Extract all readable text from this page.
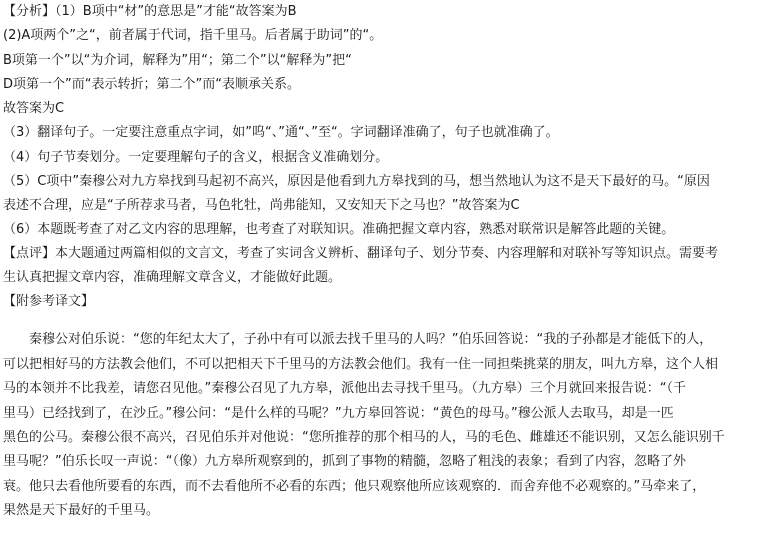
【分析】（1）B项中“材”的意思是”才能“故答案为B
(2)A项两个”之“，前者属于代词，指千里马。后者属于助词”的“。
B项第一个”以“为介词，解释为”用“；第二个”以“解释为”把“
D项第一个”而“表示转折；第二个”而“表顺承关系。
故答案为C
（3）翻译句子。一定要注意重点字词，如”呜“、”通“、”至“。字词翻译准确了，句子也就准确了。
（4）句子节奏划分。一定要理解句子的含义，根据含义准确划分。
（5）C项中”秦穆公对九方皋找到马起初不高兴，原因是他看到九方皋找到的马，想当然地认为这不是天下最好的马。“原因
表述不合理，应是“子所荐求马者，马色牝牡，尚弗能知，又安知天下之马也？”故答案为C
（6）本题既考查了对乙文内容的思理解，也考查了对联知识。准确把握文章内容，熟悉对联常识是解答此题的关键。
【点评】本大题通过两篇相似的文言文，考查了实词含义辨析、翻译句子、划分节奏、内容理解和对联补写等知识点。需要考
生认真把握文章内容，准确理解文章含义，才能做好此题。
【附参考译文】
　　秦穆公对伯乐说：“您的年纪太大了，子孙中有可以派去找千里马的人吗？”伯乐回答说：“我的子孙都是才能低下的人，
可以把相好马的方法教会他们，不可以把相天下千里马的方法教会他们。我有一住一同担柴挑菜的朋友，叫九方皋，这个人相
马的本领并不比我差，请您召见他。”秦穆公召见了九方皋，派他出去寻找千里马。（九方皋）三个月就回来报告说：“（千
里马）已经找到了，在沙丘。”穆公问：“是什么样的马呢？”九方皋回答说：“黄色的母马。”穆公派人去取马，却是一匹
黑色的公马。秦穆公很不高兴，召见伯乐并对他说：“您所推荐的那个相马的人，马的毛色、雌雄还不能识别，又怎么能识别千
里马呢？”伯乐长叹一声说：“（像）九方皋所观察到的，抓到了事物的精髓，忽略了粗浅的表象；看到了内容，忽略了外
衰。他只去看他所要看的东西，而不去看他所不必看的东西；他只观察他所应该观察的．而舍弃他不必观察的。”马牵来了，
果然是天下最好的千里马。
